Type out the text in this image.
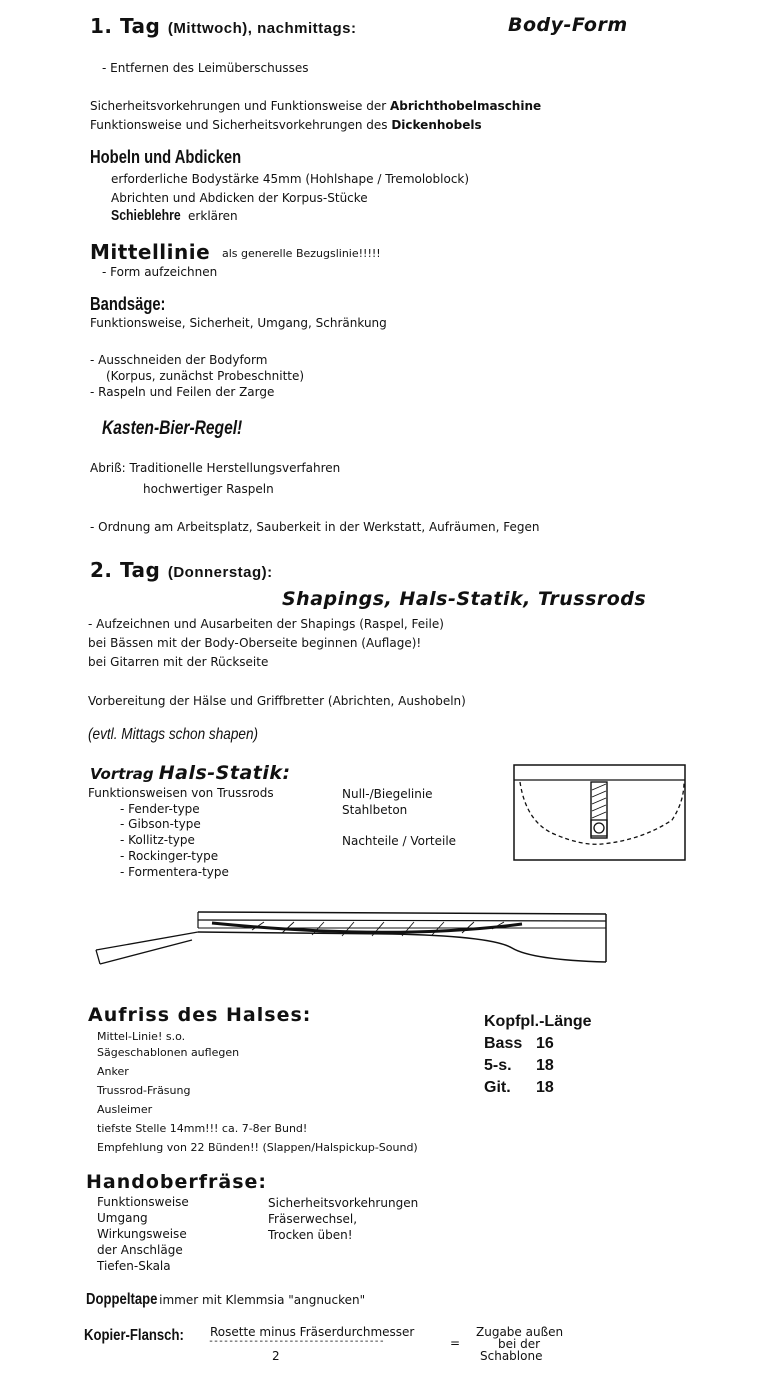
1. Tag (Mittwoch), nachmittags:	Body-Form
- Entfernen des Leimüberschusses
Sicherheitsvorkehrungen und Funktionsweise der Abrichthobelmaschine
Funktionsweise und Sicherheitsvorkehrungen des Dickenhobels
Hobeln und Abdicken
erforderliche Bodystärke 45mm (Hohlshape / Tremoloblock)
Abrichten und Abdicken der Korpus-Stücke
Schieblehre erklären
Mittellinie als generelle Bezugslinie!!!!!
- Form aufzeichnen
Bandsäge:
Funktionsweise, Sicherheit, Umgang, Schränkung
- Ausschneiden der Bodyform
(Korpus, zunächst Probeschnitte)
- Raspeln und Feilen der Zarge
Kasten-Bier-Regel!
Abriß: Traditionelle Herstellungsverfahren
hochwertiger Raspeln
- Ordnung am Arbeitsplatz, Sauberkeit in der Werkstatt, Aufräumen, Fegen
2. Tag (Donnerstag):
Shapings, Hals-Statik, Trussrods
- Aufzeichnen und Ausarbeiten der Shapings (Raspel, Feile)
bei Bässen mit der Body-Oberseite beginnen (Auflage)!
bei Gitarren mit der Rückseite
Vorbereitung der Hälse und Griffbretter (Abrichten, Aushobeln)
(evtl. Mittags schon shapen)
Vortrag Hals-Statik:
Funktionsweisen von Trussrods
- Fender-type
- Gibson-type
- Kollitz-type
- Rockinger-type
- Formentera-type
Null-/Biegelinie
Stahlbeton
Nachteile / Vorteile
Aufriss des Halses:
Mittel-Linie! s.o.
Sägeschablonen auflegen
Anker
Trussrod-Fräsung
Ausleimer
tiefste Stelle 14mm!!! ca. 7-8er Bund!
Empfehlung von 22 Bünden!! (Slappen/Halspickup-Sound)
Kopfpl.-Länge
Bass 16
5-s. 18
Git. 18
Handoberfräse:
Funktionsweise
Umgang
Wirkungsweise
der Anschläge
Tiefen-Skala
Sicherheitsvorkehrungen
Fräserwechsel,
Trocken üben!
Doppeltape immer mit Klemmsia "angnucken"
Kopier-Flansch: Rosette minus Fräserdurchmesser
-----------------------------------	=
2
Zugabe außen
bei der
Schablone
